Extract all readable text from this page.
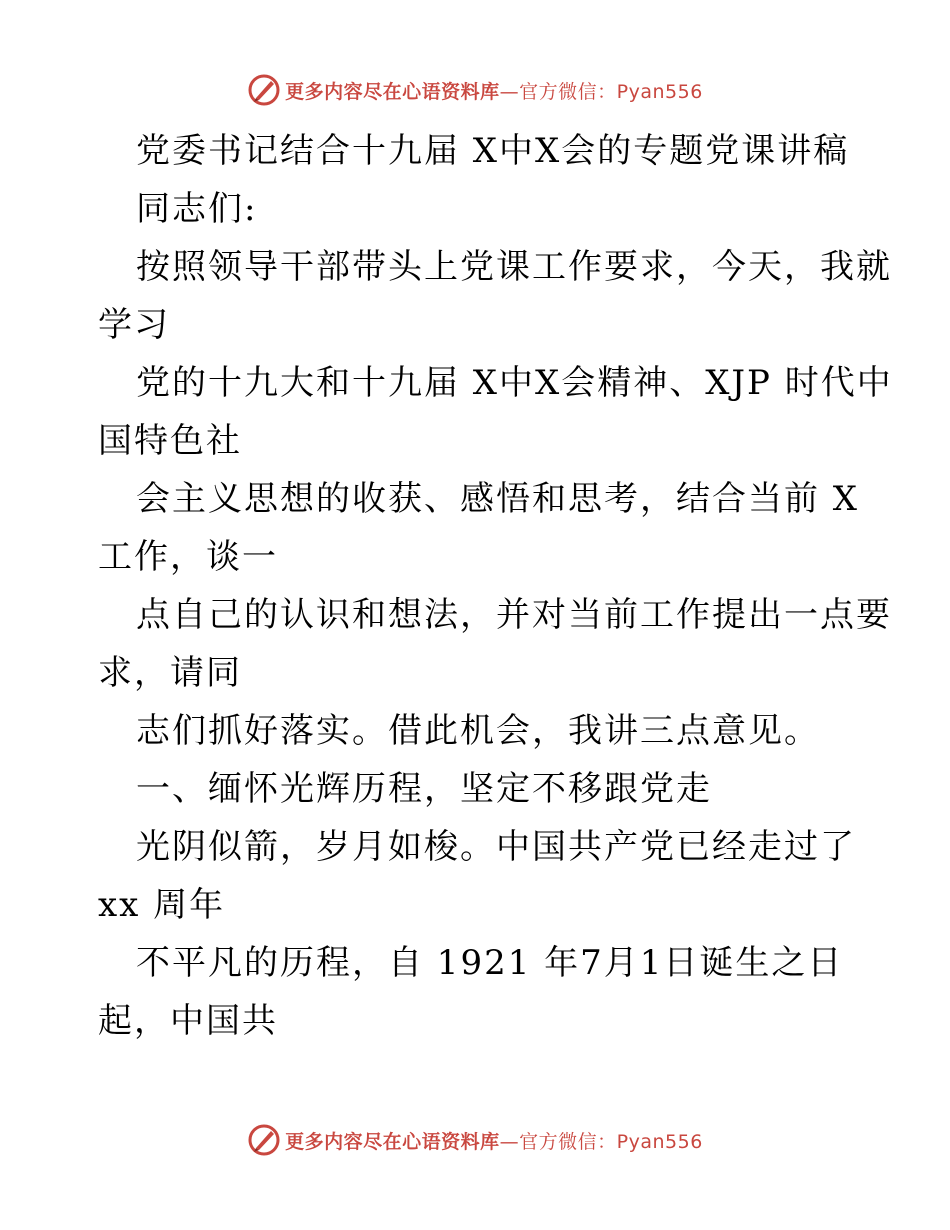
更多内容尽在心语资料库—官方微信：Pyan556
党委书记结合十九届 X中X会的专题党课讲稿
同志们:
按照领导干部带头上党课工作要求，今天，我就
学习
党的十九大和十九届 X中X会精神、XJP 时代中
国特色社
会主义思想的收获、感悟和思考，结合当前 X
工作，谈一
点自己的认识和想法，并对当前工作提出一点要
求，请同
志们抓好落实。借此机会，我讲三点意见。
一、缅怀光辉历程，坚定不移跟党走
光阴似箭，岁月如梭。中国共产党已经走过了
xx 周年
不平凡的历程，自 1921 年7月1日诞生之日
起，中国共
更多内容尽在心语资料库—官方微信：Pyan556
